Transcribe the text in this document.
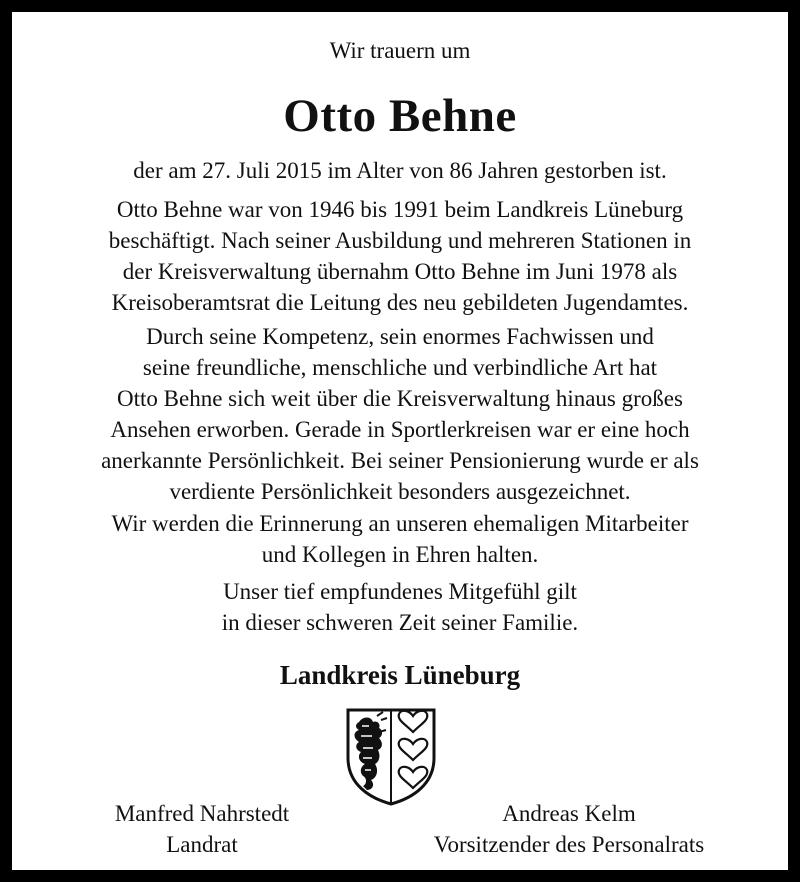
Wir trauern um
Otto Behne
der am 27. Juli 2015 im Alter von 86 Jahren gestorben ist.
Otto Behne war von 1946 bis 1991 beim Landkreis Lüneburg
beschäftigt. Nach seiner Ausbildung und mehreren Stationen in
der Kreisverwaltung übernahm Otto Behne im Juni 1978 als
Kreisoberamtsrat die Leitung des neu gebildeten Jugendamtes.
Durch seine Kompetenz, sein enormes Fachwissen und
seine freundliche, menschliche und verbindliche Art hat
Otto Behne sich weit über die Kreisverwaltung hinaus großes
Ansehen erworben. Gerade in Sportlerkreisen war er eine hoch
anerkannte Persönlichkeit. Bei seiner Pensionierung wurde er als
verdiente Persönlichkeit besonders ausgezeichnet.
Wir werden die Erinnerung an unseren ehemaligen Mitarbeiter
und Kollegen in Ehren halten.
Unser tief empfundenes Mitgefühl gilt
in dieser schweren Zeit seiner Familie.
Landkreis Lüneburg
Manfred Nahrstedt
Landrat
Andreas Kelm
Vorsitzender des Personalrats
